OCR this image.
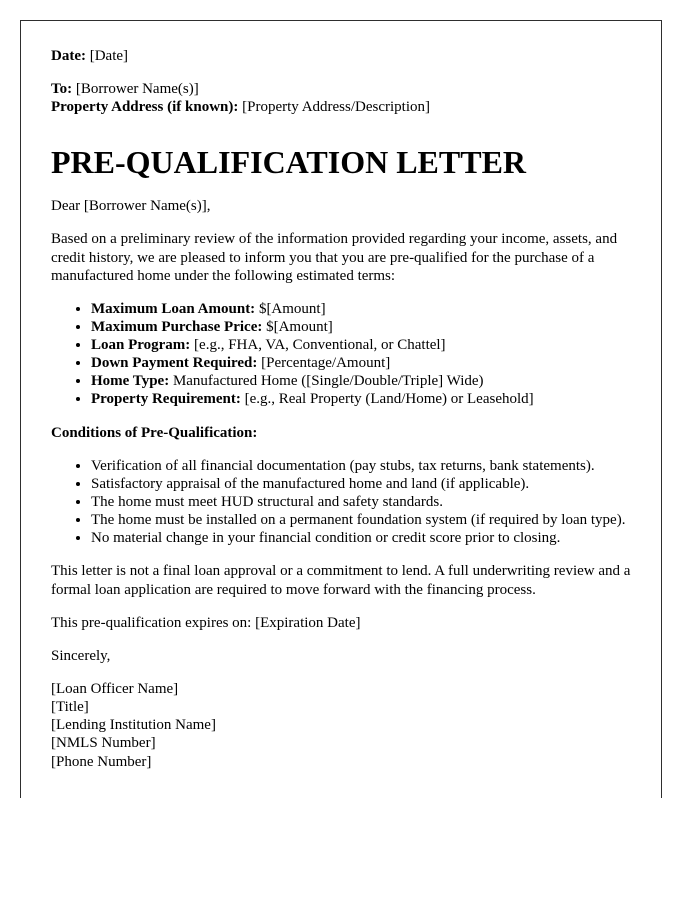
Date: [Date]

To: [Borrower Name(s)]
Property Address (if known): [Property Address/Description]

PRE-QUALIFICATION LETTER

Dear [Borrower Name(s)],

Based on a preliminary review of the information provided regarding your income, assets, and credit history, we are pleased to inform you that you are pre-qualified for the purchase of a manufactured home under the following estimated terms:

• Maximum Loan Amount: $[Amount]
• Maximum Purchase Price: $[Amount]
• Loan Program: [e.g., FHA, VA, Conventional, or Chattel]
• Down Payment Required: [Percentage/Amount]
• Home Type: Manufactured Home ([Single/Double/Triple] Wide)
• Property Requirement: [e.g., Real Property (Land/Home) or Leasehold]

Conditions of Pre-Qualification:

• Verification of all financial documentation (pay stubs, tax returns, bank statements).
• Satisfactory appraisal of the manufactured home and land (if applicable).
• The home must meet HUD structural and safety standards.
• The home must be installed on a permanent foundation system (if required by loan type).
• No material change in your financial condition or credit score prior to closing.

This letter is not a final loan approval or a commitment to lend. A full underwriting review and a formal loan application are required to move forward with the financing process.

This pre-qualification expires on: [Expiration Date]

Sincerely,

[Loan Officer Name]
[Title]
[Lending Institution Name]
[NMLS Number]
[Phone Number]
